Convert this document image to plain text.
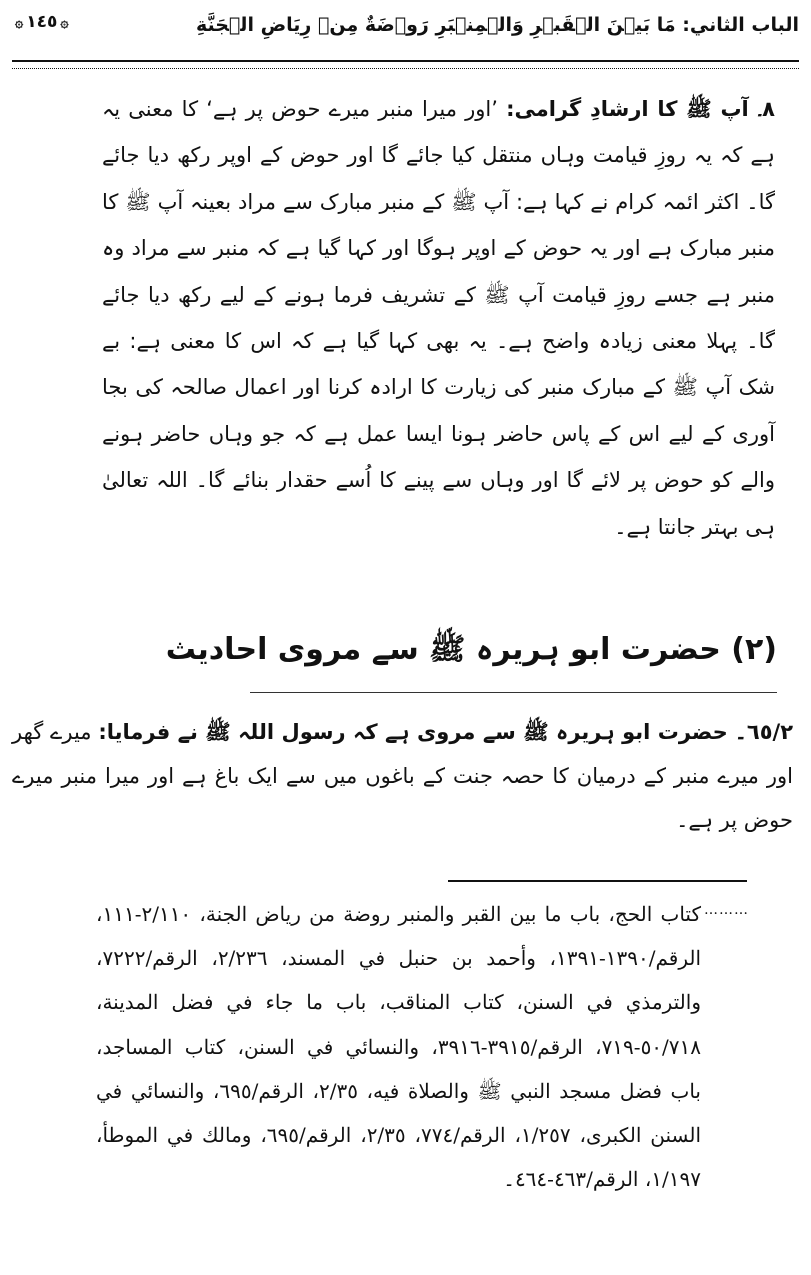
الباب الثاني: مَا بَيۡنَ الۡقَبۡرِ وَالۡمِنۡبَرِ رَوۡضَةٌ مِنۡ رِيَاضِ الۡجَنَّةِ
۞١٤٥۞
٨۔ آپ ﷺ کا ارشادِ گرامی: ’اور میرا منبر میرے حوض پر ہے‘ کا معنی یہ ہے کہ یہ روزِ قیامت وہاں منتقل کیا جائے گا اور حوض کے اوپر رکھ دیا جائے گا۔ اکثر ائمہ کرام نے کہا ہے: آپ ﷺ کے منبر مبارک سے مراد بعینہ آپ ﷺ کا منبر مبارک ہے اور یہ حوض کے اوپر ہوگا اور کہا گیا ہے کہ منبر سے مراد وہ منبر ہے جسے روزِ قیامت آپ ﷺ کے تشریف فرما ہونے کے لیے رکھ دیا جائے گا۔ پہلا معنی زیادہ واضح ہے۔ یہ بھی کہا گیا ہے کہ اس کا معنی ہے: بے شک آپ ﷺ کے مبارک منبر کی زیارت کا ارادہ کرنا اور اعمال صالحہ کی بجا آوری کے لیے اس کے پاس حاضر ہونا ایسا عمل ہے کہ جو وہاں حاضر ہونے والے کو حوض پر لائے گا اور وہاں سے پینے کا اُسے حقدار بنائے گا۔ اللہ تعالیٰ ہی بہتر جانتا ہے۔
(٢) حضرت ابو ہریرہ ﷺ سے مروی احادیث
٦٥/٢۔ حضرت ابو ہریرہ ﷺ سے مروی ہے کہ رسول اللہ ﷺ نے فرمایا: میرے گھر اور میرے منبر کے درمیان کا حصہ جنت کے باغوں میں سے ایک باغ ہے اور میرا منبر میرے حوض پر ہے۔
………
كتاب الحج، باب ما بين القبر والمنبر روضة من رياض الجنة، ٢/١١٠-١١١، الرقم/١٣٩٠-١٣٩١، وأحمد بن حنبل في المسند، ٢/٢٣٦، الرقم/٧٢٢٢، والترمذي في السنن، كتاب المناقب، باب ما جاء في فضل المدينة، ٥٠/٧١٨-٧١٩، الرقم/٣٩١٥-٣٩١٦، والنسائي في السنن، كتاب المساجد، باب فضل مسجد النبي ﷺ والصلاة فيه، ٢/٣٥، الرقم/٦٩٥، والنسائي في السنن الكبرى، ١/٢٥٧، الرقم/٧٧٤، ٢/٣٥، الرقم/٦٩٥، ومالك في الموطأ، ١/١٩٧، الرقم/٤٦٣-٤٦٤۔
